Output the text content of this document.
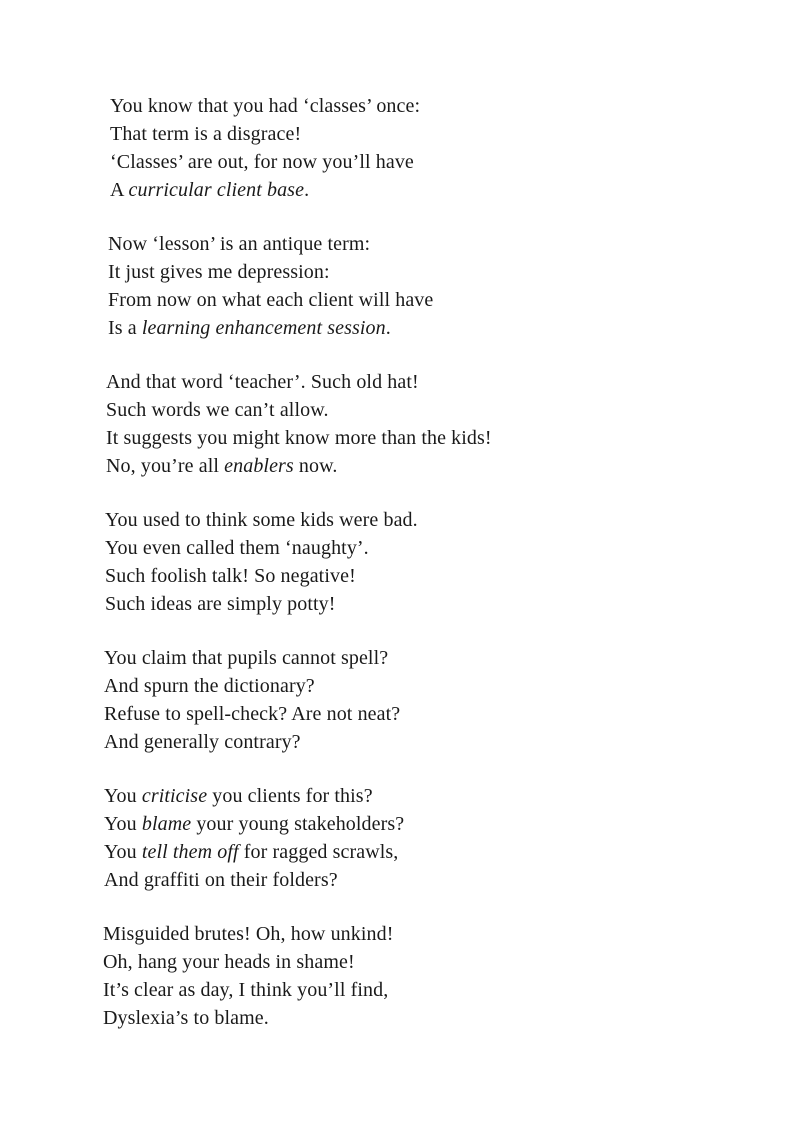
You know that you had ‘classes’ once:
That term is a disgrace!
‘Classes’ are out, for now you’ll have
A curricular client base.
Now ‘lesson’ is an antique term:
It just gives me depression:
From now on what each client will have
Is a learning enhancement session.
And that word ‘teacher’. Such old hat!
Such words we can’t allow.
It suggests you might know more than the kids!
No, you’re all enablers now.
You used to think some kids were bad.
You even called them ‘naughty’.
Such foolish talk! So negative!
Such ideas are simply potty!
You claim that pupils cannot spell?
And spurn the dictionary?
Refuse to spell-check? Are not neat?
And generally contrary?
You criticise you clients for this?
You blame your young stakeholders?
You tell them off for ragged scrawls,
And graffiti on their folders?
Misguided brutes! Oh, how unkind!
Oh, hang your heads in shame!
It’s clear as day, I think you’ll find,
Dyslexia’s to blame.
